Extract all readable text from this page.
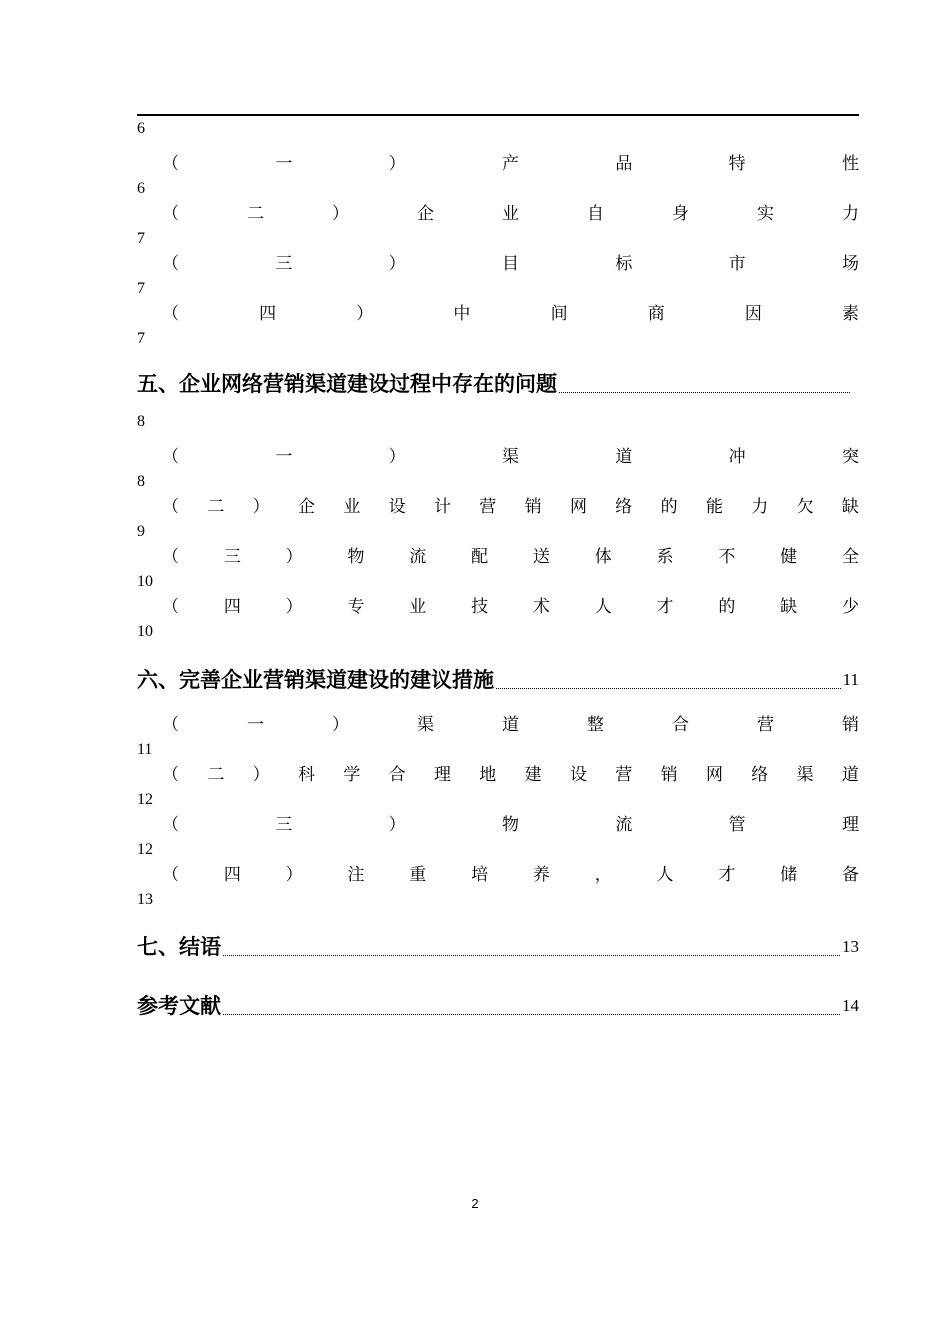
6
（	一	）	产	品	特	性
6
（	二	）	企	业	自	身	实	力
7
（	三	）	目	标	市	场
7
（	四	）	中	间	商	因	素
7
五、企业网络营销渠道建设过程中存在的问题
8
（	一	）	渠	道	冲	突
8
（ 二 ） 企 业 设 计 营 销 网 络 的 能 力 欠 缺
9
（	三	）	物	流	配	送	体	系	不	健	全
10
（	四	）	专	业	技	术	人	才	的	缺	少
10
六、完善企业营销渠道建设的建议措施	11
（	一	）	渠	道	整	合	营	销
11
（ 二 ） 科 学 合 理 地 建 设 营 销 网 络 渠 道
12
（	三	）	物	流	管	理
12
（	四	）	注	重	培	养	，	人	才	储	备
13
七、结语	13
参考文献	14
2
